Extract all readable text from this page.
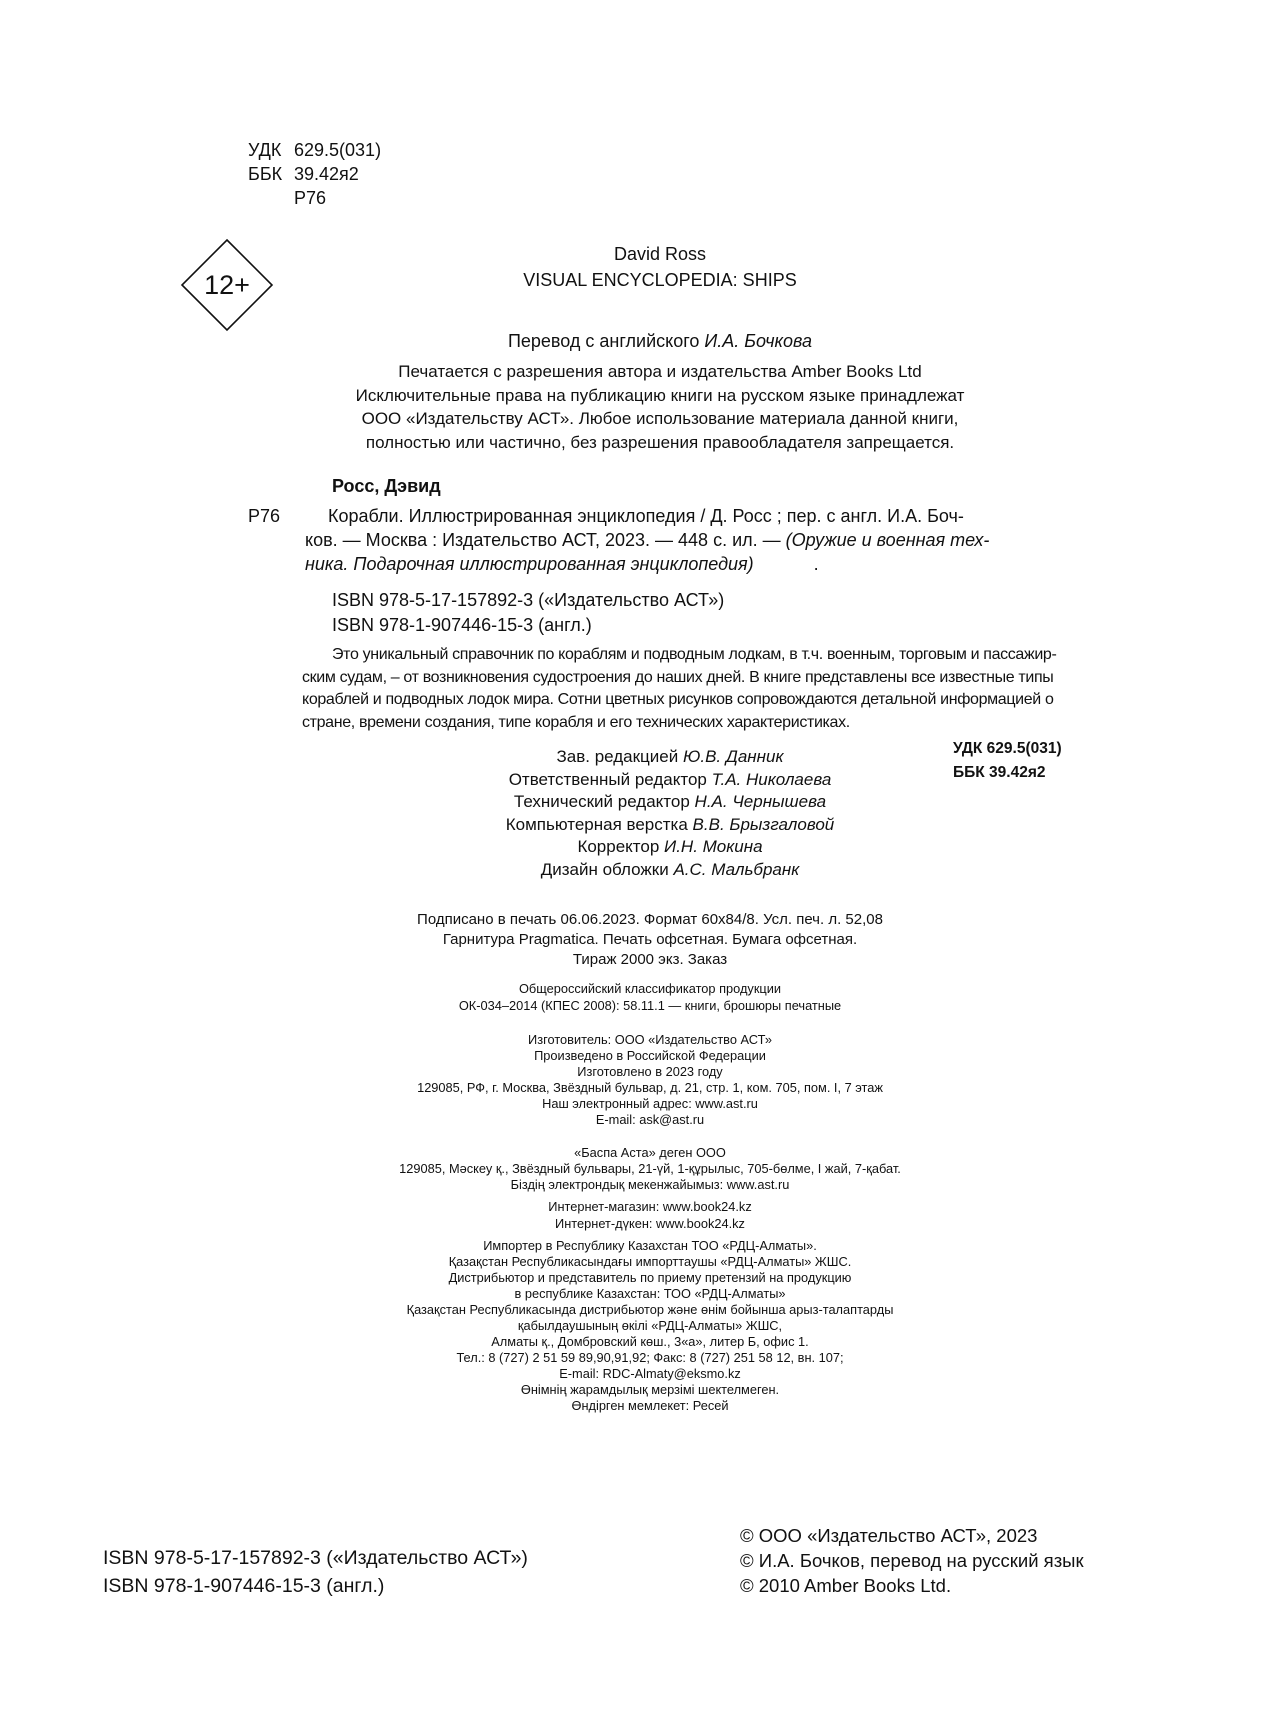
УДК 629.5(031)
ББК 39.42я2
Р76
12+
David Ross
VISUAL ENCYCLOPEDIA: SHIPS
Перевод с английского И.А. Бочкова
Печатается с разрешения автора и издательства Amber Books Ltd
Исключительные права на публикацию книги на русском языке принадлежат
ООО «Издательству АСТ». Любое использование материала данной книги,
полностью или частично, без разрешения правообладателя запрещается.
Росс, Дэвид
Р76	Корабли. Иллюстрированная энциклопедия / Д. Росс ; пер. с англ. И.А. Боч-
ков. — Москва : Издательство АСТ, 2023. — 448 с. ил. — (Оружие и военная тех-
ника. Подарочная иллюстрированная энциклопедия)	.
ISBN 978-5-17-157892-3 («Издательство АСТ»)
ISBN 978-1-907446-15-3 (англ.)
Это уникальный справочник по кораблям и подводным лодкам, в т.ч. военным, торговым и пассажир-
ским судам, – от возникновения судостроения до наших дней. В книге представлены все известные типы
кораблей и подводных лодок мира. Сотни цветных рисунков сопровождаются детальной информацией о
стране, времени создания, типе корабля и его технических характеристиках.
УДК 629.5(031)
ББК 39.42я2
Зав. редакцией Ю.В. Данник
Ответственный редактор Т.А. Николаева
Технический редактор Н.А. Чернышева
Компьютерная верстка В.В. Брызгаловой
Корректор И.Н. Мокина
Дизайн обложки А.С. Мальбранк
Подписано в печать 06.06.2023. Формат 60x84/8. Усл. печ. л. 52,08
Гарнитура Pragmatica. Печать офсетная. Бумага офсетная.
Тираж 2000 экз. Заказ
Общероссийский классификатор продукции
ОК-034–2014 (КПЕС 2008): 58.11.1 — книги, брошюры печатные
Изготовитель: ООО «Издательство АСТ»
Произведено в Российской Федерации
Изготовлено в 2023 году
129085, РФ, г. Москва, Звёздный бульвар, д. 21, стр. 1, ком. 705, пом. I, 7 этаж
Наш электронный адрес: www.ast.ru
E-mail: ask@ast.ru
«Баспа Аста» деген ООО
129085, Мәскеу қ., Звёздный бульвары, 21-үй, 1-құрылыс, 705-бөлме, I жай, 7-қабат.
Біздің электрондық мекенжайымыз: www.ast.ru
Интернет-магазин: www.book24.kz
Интернет-дүкен: www.book24.kz
Импортер в Республику Казахстан ТОО «РДЦ-Алматы».
Қазақстан Республикасындағы импорттаушы «РДЦ-Алматы» ЖШС.
Дистрибьютор и представитель по приему претензий на продукцию
в республике Казахстан: ТОО «РДЦ-Алматы»
Қазақстан Республикасында дистрибьютор және өнім бойынша арыз-талаптарды
қабылдаушының өкілі «РДЦ-Алматы» ЖШС,
Алматы қ., Домбровский көш., 3«а», литер Б, офис 1.
Тел.: 8 (727) 2 51 59 89,90,91,92; Факс: 8 (727) 251 58 12, вн. 107;
E-mail: RDC-Almaty@eksmo.kz
Өнімнің жарамдылық мерзімі шектелмеген.
Өндірген мемлекет: Ресей
ISBN 978-5-17-157892-3 («Издательство АСТ»)
ISBN 978-1-907446-15-3 (англ.)
© ООО «Издательство АСТ», 2023
© И.А. Бочков, перевод на русский язык
© 2010 Amber Books Ltd.
